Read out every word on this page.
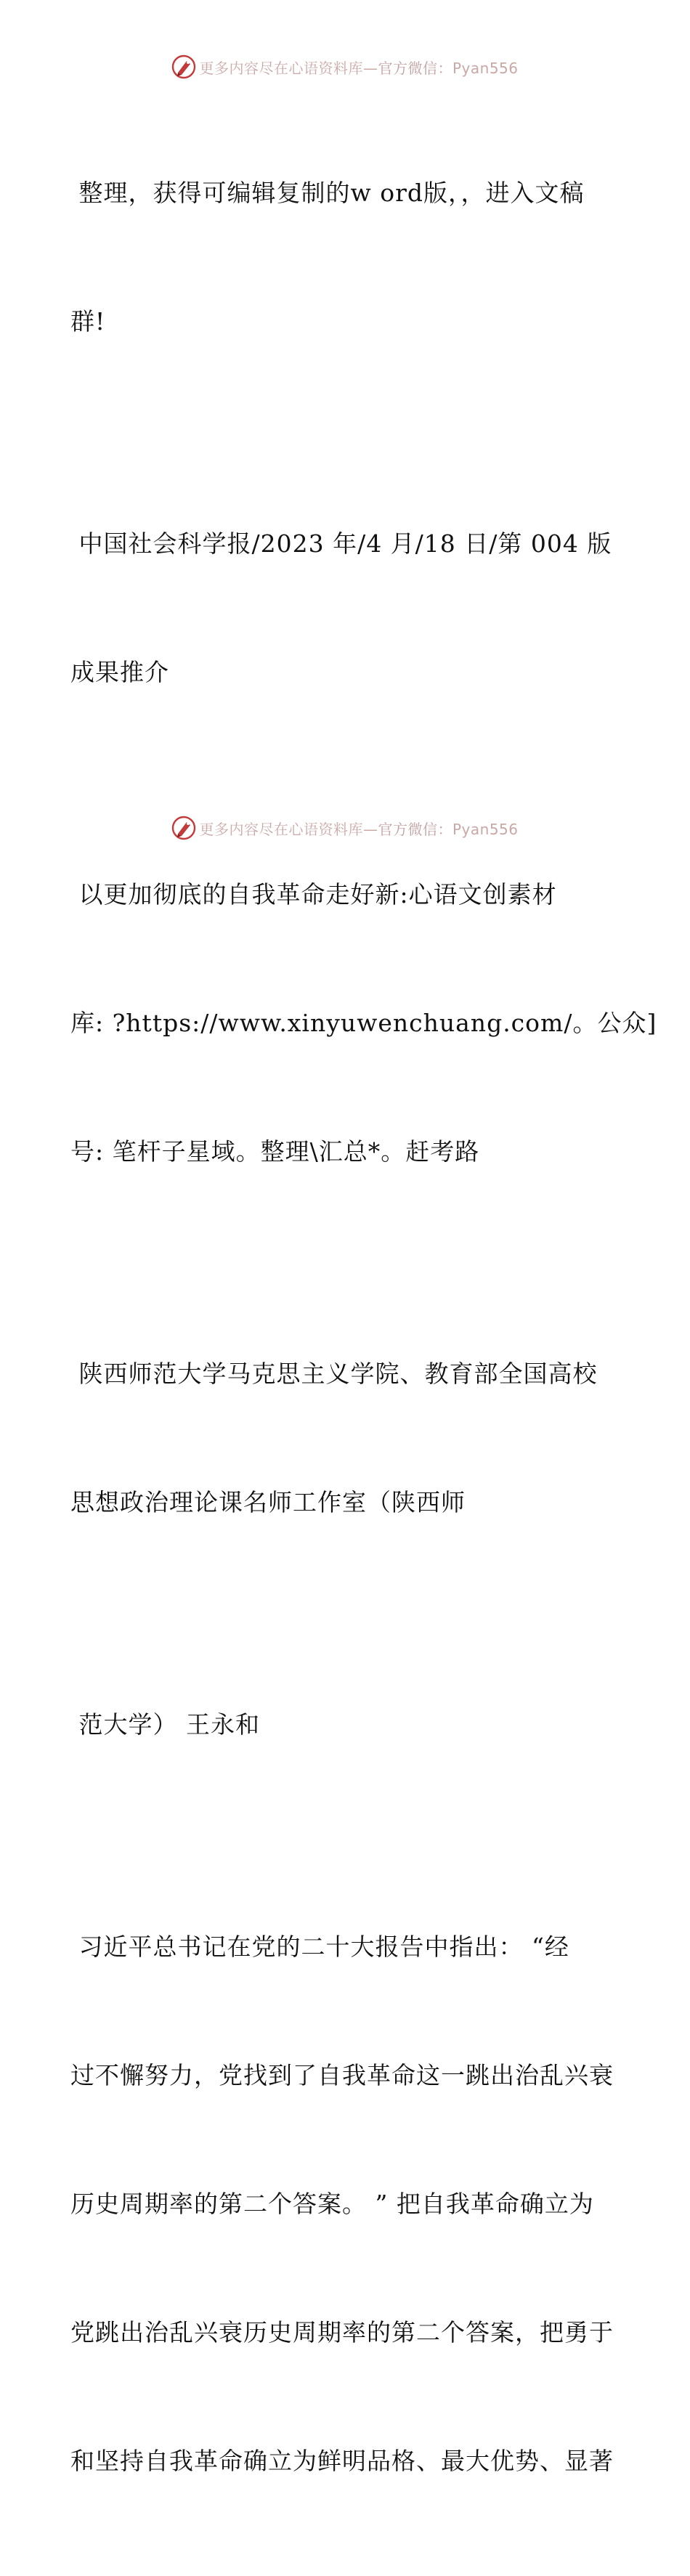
更多内容尽在心语资料库—官方微信：Pyan556

整理，获得可编辑复制的w ord版，，进入文稿

群!

中国社会科学报/2023 年/4 月/18 日/第 004 版

成果推介

以更加彻底的自我革命走好新:心语文创素材

库: ?https://www.xinyuwenchuang.com/。公众]

号: 笔杆子星域。整理\汇总*。赶考路

陕西师范大学马克思主义学院、教育部全国高校

思想政治理论课名师工作室（陕西师

范大学） 王永和

习近平总书记在党的二十大报告中指出： “经

过不懈努力，党找到了自我革命这一跳出治乱兴衰

历史周期率的第二个答案。 ” 把自我革命确立为

党跳出治乱兴衰历史周期率的第二个答案，把勇于

和坚持自我革命确立为鲜明品格、最大优势、显著

更多内容尽在心语资料库—官方微信：Pyan556
